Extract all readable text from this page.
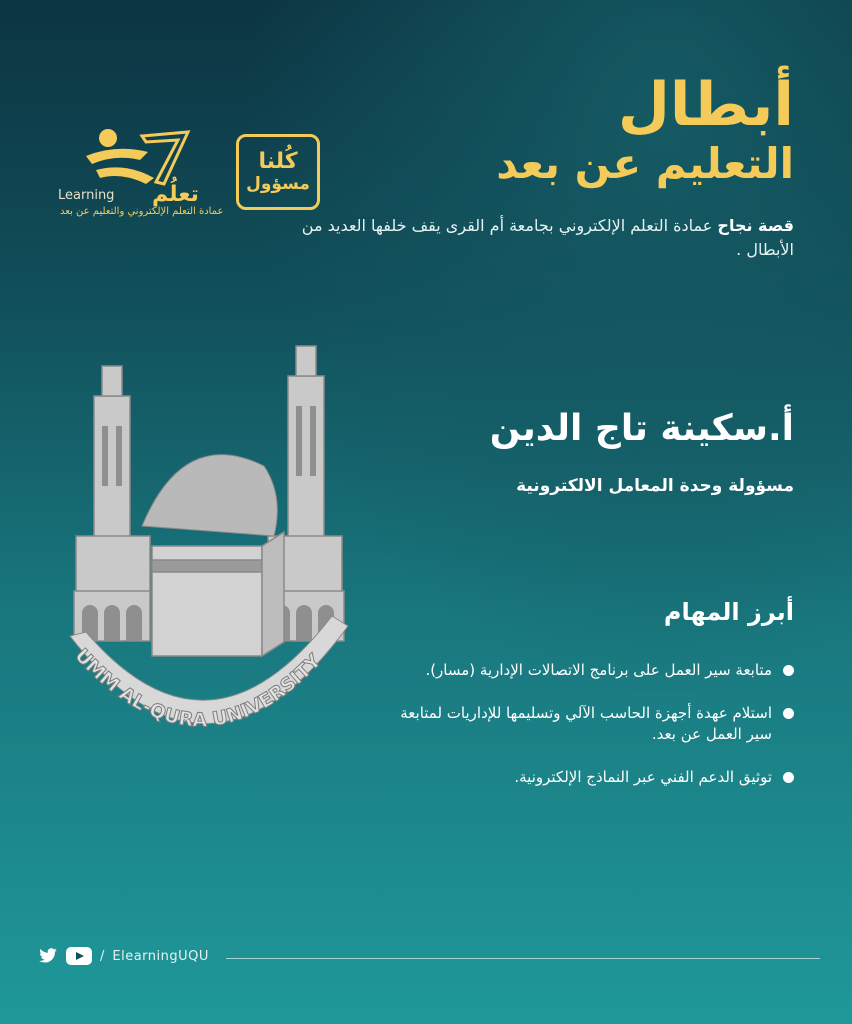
أبطال
التعليم عن بعد
قصة نجاح عمادة التعلم الإلكتروني بجامعة أم القرى يقف خلفها العديد من الأبطال .
كُلنا
مسؤول
تعلُم
Learning
عمادة التعلم الإلكتروني والتعليم عن بعد
UMM AL-QURA UNIVERSITY
أ.سكينة تاج الدين
مسؤولة وحدة المعامل الالكترونية
أبرز المهام
متابعة سير العمل على برنامج الاتصالات الإدارية (مسار).
استلام عهدة أجهزة الحاسب الآلي وتسليمها للإداريات لمتابعة سير العمل عن بعد.
توثيق الدعم الفني عبر النماذج الإلكترونية.
/ ElearningUQU
